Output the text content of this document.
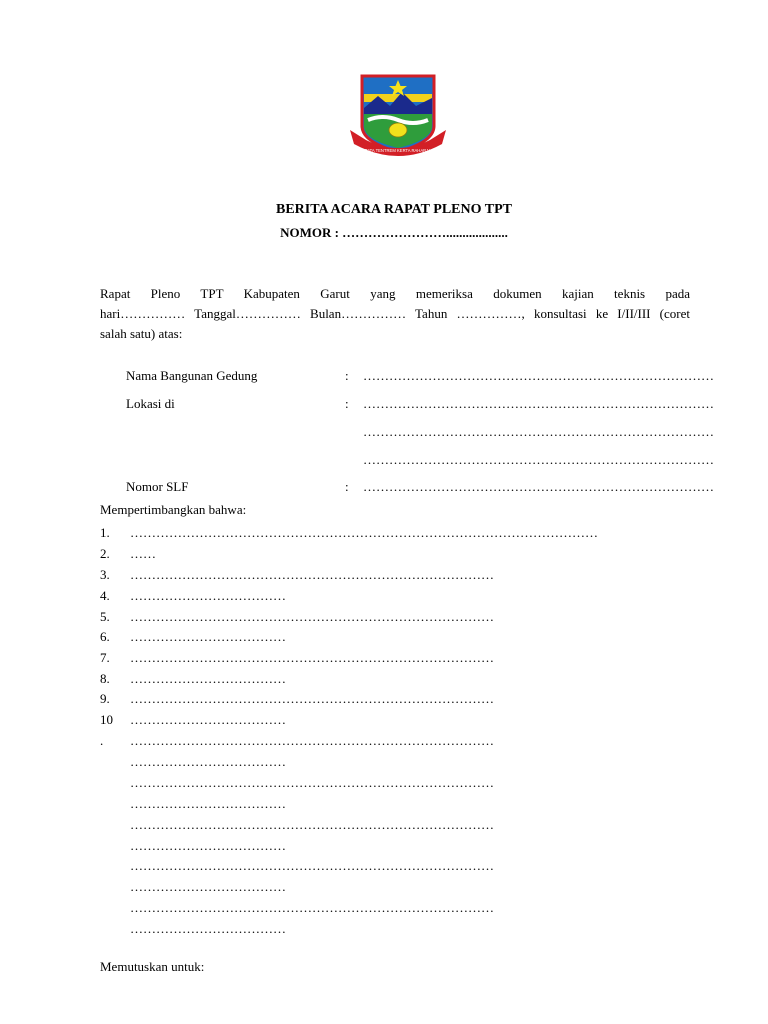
TATA TENTREM KERTA RAHARJA
BERITA ACARA RAPAT PLENO TPT
NOMOR : ……………………...................
Rapat Pleno TPT Kabupaten Garut yang memeriksa dokumen kajian teknis pada
hari…………… Tanggal…………… Bulan…………… Tahun ……………, konsultasi ke I/II/III (coret
salah satu) atas:
Nama Bangunan Gedung	: ………………………………………………………………………
Lokasi di	: ………………………………………………………………………
………………………………………………………………………
………………………………………………………………………
Nomor SLF	: ………………………………………………………………………
Mempertimbangkan bahwa:
1. ………………………………………………………………………………………………
2. ……
3. …………………………………………………………………………
4. ………………………………
5. …………………………………………………………………………
6. ………………………………
7. …………………………………………………………………………
8. ………………………………
9. …………………………………………………………………………
10 ………………………………
. …………………………………………………………………………
………………………………
…………………………………………………………………………
………………………………
…………………………………………………………………………
………………………………
…………………………………………………………………………
………………………………
…………………………………………………………………………
………………………………
Memutuskan untuk:
